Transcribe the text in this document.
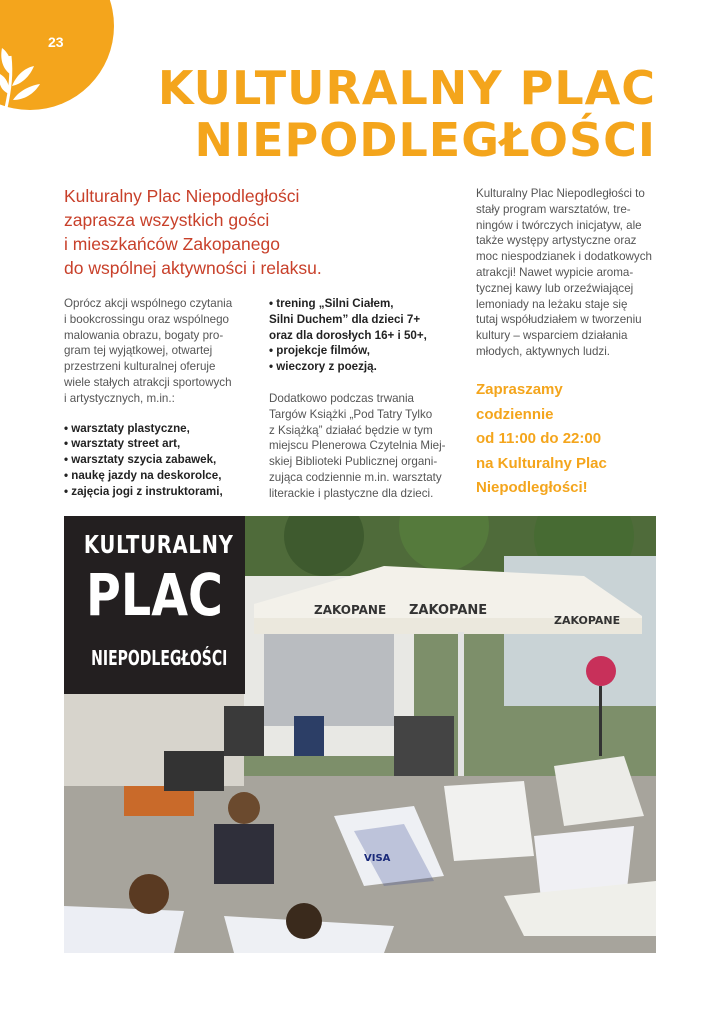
23
KULTURALNY PLAC
NIEPODLEGŁOŚCI

Kulturalny Plac Niepodległości
zaprasza wszystkich gości
i mieszkańców Zakopanego
do wspólnej aktywności i relaksu.

Oprócz akcji wspólnego czytania
i bookcrossingu oraz wspólnego
malowania obrazu, bogaty pro-
gram tej wyjątkowej, otwartej
przestrzeni kulturalnej oferuje
wiele stałych atrakcji sportowych
i artystycznych, m.in.:

• warsztaty plastyczne,
• warsztaty street art,
• warsztaty szycia zabawek,
• naukę jazdy na deskorolce,
• zajęcia jogi z instruktorami,
• trening „Silni Ciałem,
Silni Duchem” dla dzieci 7+
oraz dla dorosłych 16+ i 50+,
• projekcje filmów,
• wieczory z poezją.

Dodatkowo podczas trwania
Targów Książki „Pod Tatry Tylko
z Książką” działać będzie w tym
miejscu Plenerowa Czytelnia Miej-
skiej Biblioteki Publicznej organi-
zująca codziennie m.in. warsztaty
literackie i plastyczne dla dzieci.

Kulturalny Plac Niepodległości to
stały program warsztatów, tre-
ningów i twórczych inicjatyw, ale
także występy artystyczne oraz
moc niespodzianek i dodatkowych
atrakcji! Nawet wypicie aroma-
tycznej kawy lub orzeźwiającej
lemoniady na leżaku staje się
tutaj współudziałem w tworzeniu
kultury – wsparciem działania
młodych, aktywnych ludzi.

Zapraszamy
codziennie
od 11:00 do 22:00
na Kulturalny Plac
Niepodległości!

ZAKOPANE ZAKOPANE
ZAKOPANE
VISA
KULTURALNY
PLAC
NIEPODLEGŁOŚCI
